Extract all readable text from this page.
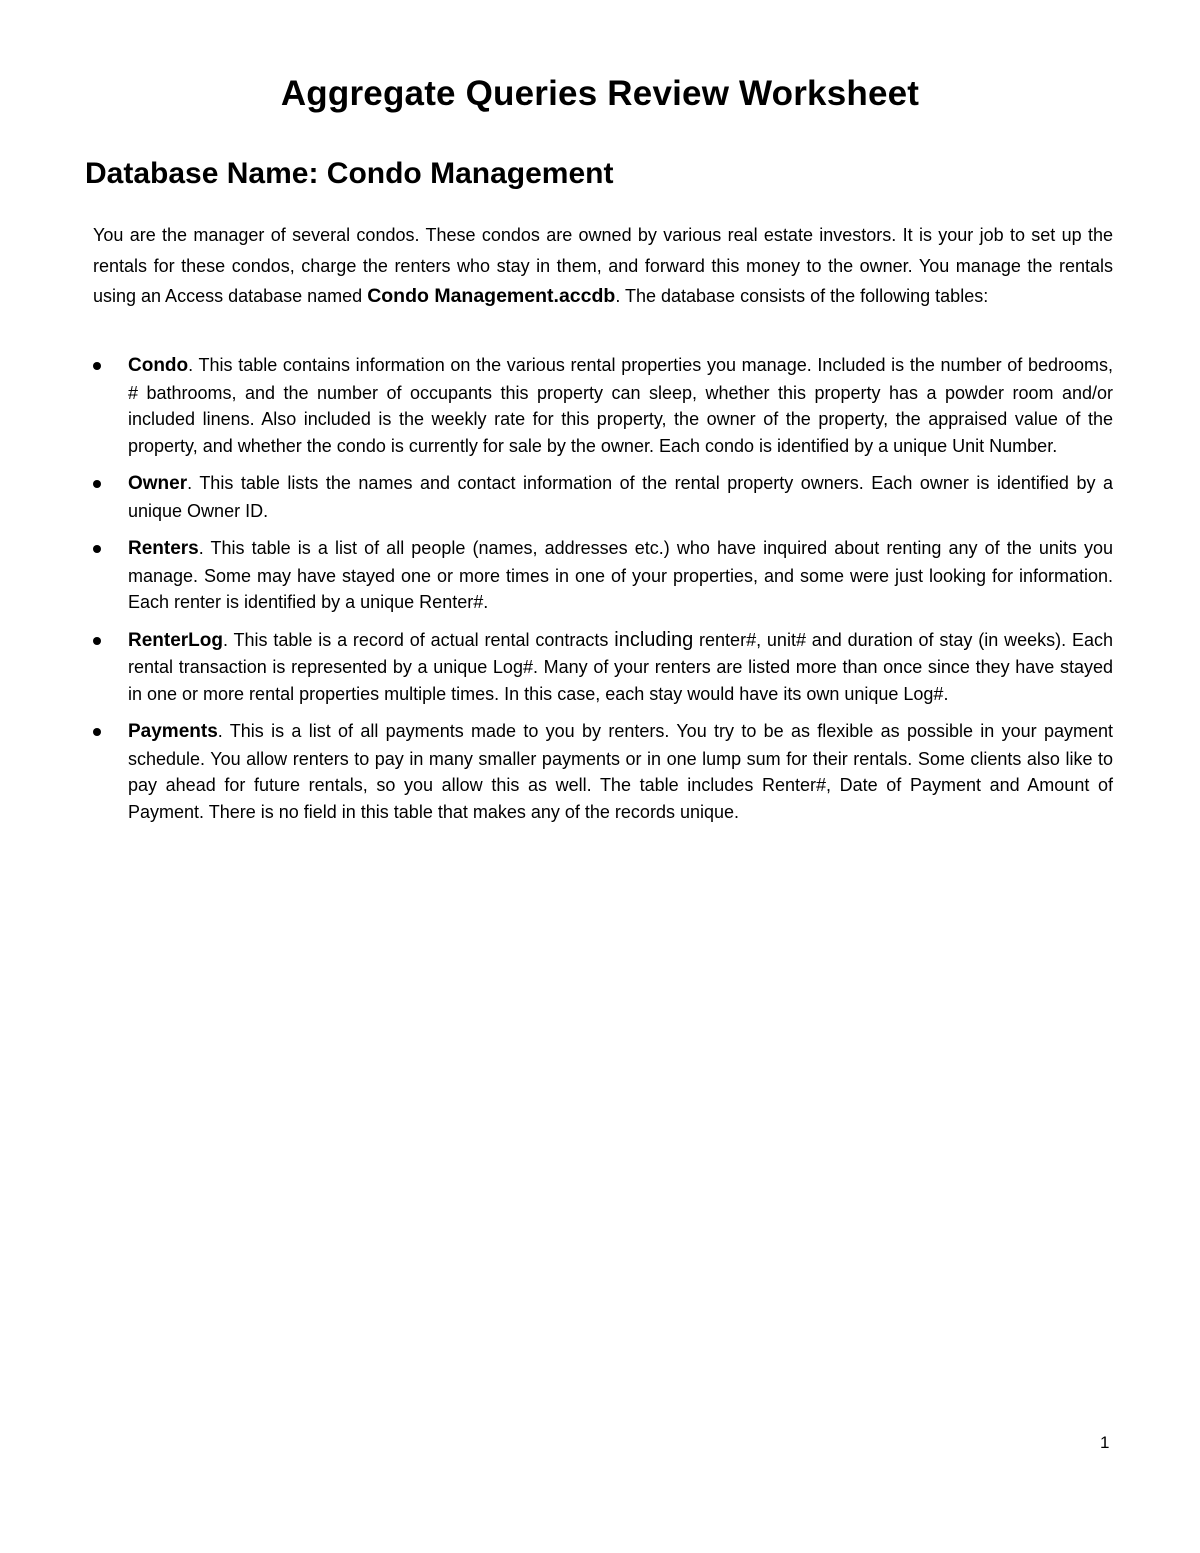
Aggregate Queries Review Worksheet
Database Name: Condo Management

You are the manager of several condos. These condos are owned by various real estate investors. It is your job to set up the rentals for these condos, charge the renters who stay in them, and forward this money to the owner. You manage the rentals using an Access database named Condo Management.accdb. The database consists of the following tables:

Condo. This table contains information on the various rental properties you manage. Included is the number of bedrooms, # bathrooms, and the number of occupants this property can sleep, whether this property has a powder room and/or included linens. Also included is the weekly rate for this property, the owner of the property, the appraised value of the property, and whether the condo is currently for sale by the owner. Each condo is identified by a unique Unit Number.
Owner. This table lists the names and contact information of the rental property owners. Each owner is identified by a unique Owner ID.
Renters. This table is a list of all people (names, addresses etc.) who have inquired about renting any of the units you manage. Some may have stayed one or more times in one of your properties, and some were just looking for information. Each renter is identified by a unique Renter#.
RenterLog. This table is a record of actual rental contracts including renter#, unit# and duration of stay (in weeks). Each rental transaction is represented by a unique Log#. Many of your renters are listed more than once since they have stayed in one or more rental properties multiple times. In this case, each stay would have its own unique Log#.
Payments. This is a list of all payments made to you by renters. You try to be as flexible as possible in your payment schedule. You allow renters to pay in many smaller payments or in one lump sum for their rentals. Some clients also like to pay ahead for future rentals, so you allow this as well. The table includes Renter#, Date of Payment and Amount of Payment. There is no field in this table that makes any of the records unique.
1
